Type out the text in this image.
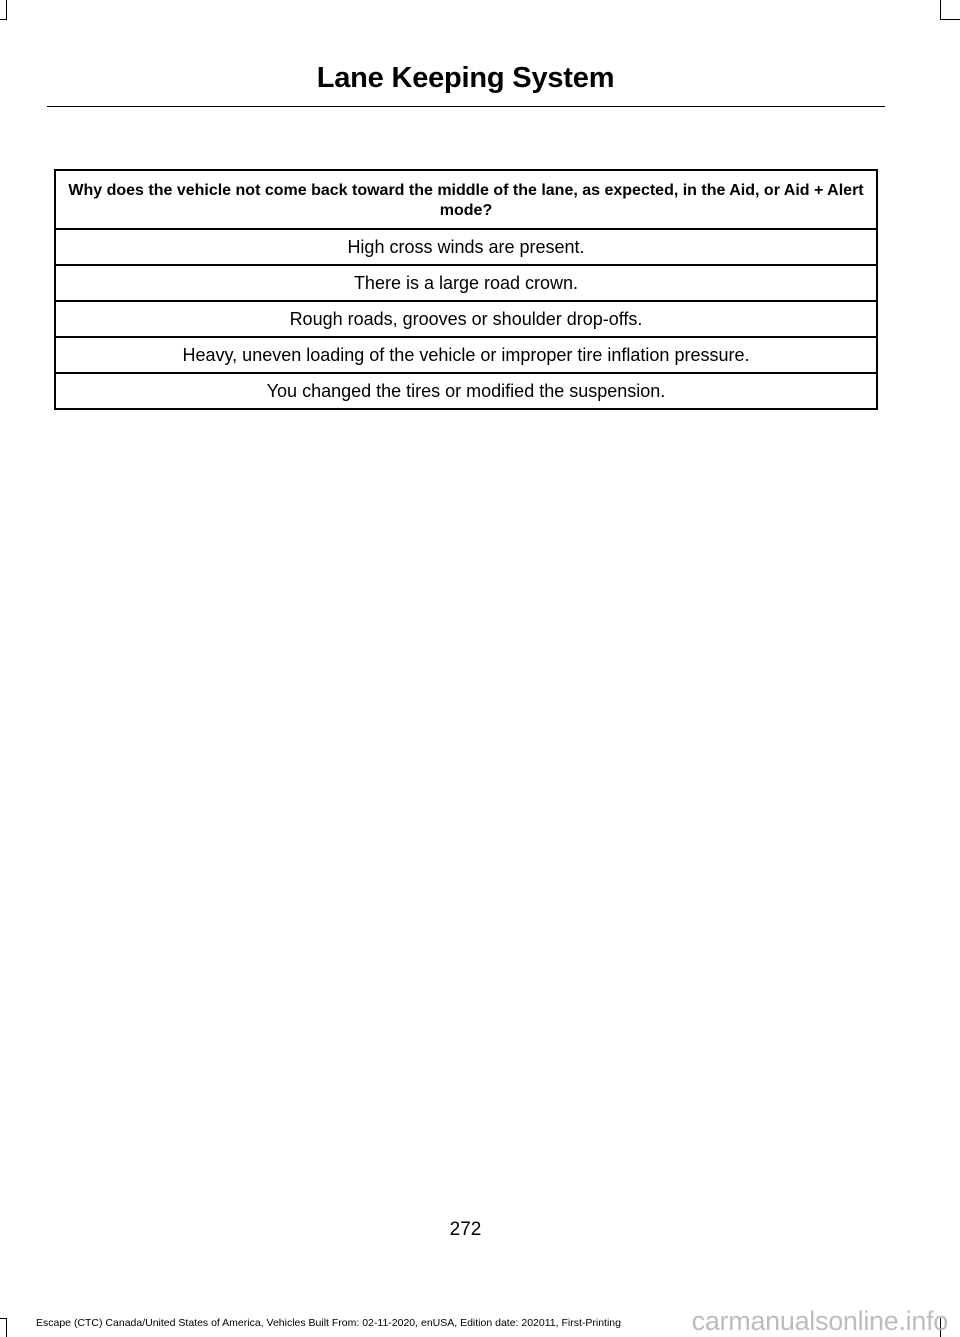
Lane Keeping System
Why does the vehicle not come back toward the middle of the lane, as expected, in the Aid, or Aid + Alert mode?
High cross winds are present.
There is a large road crown.
Rough roads, grooves or shoulder drop-offs.
Heavy, uneven loading of the vehicle or improper tire inflation pressure.
You changed the tires or modified the suspension.
272
Escape (CTC) Canada/United States of America, Vehicles Built From: 02-11-2020, enUSA, Edition date: 202011, First-Printing	carmanualsonline.info
